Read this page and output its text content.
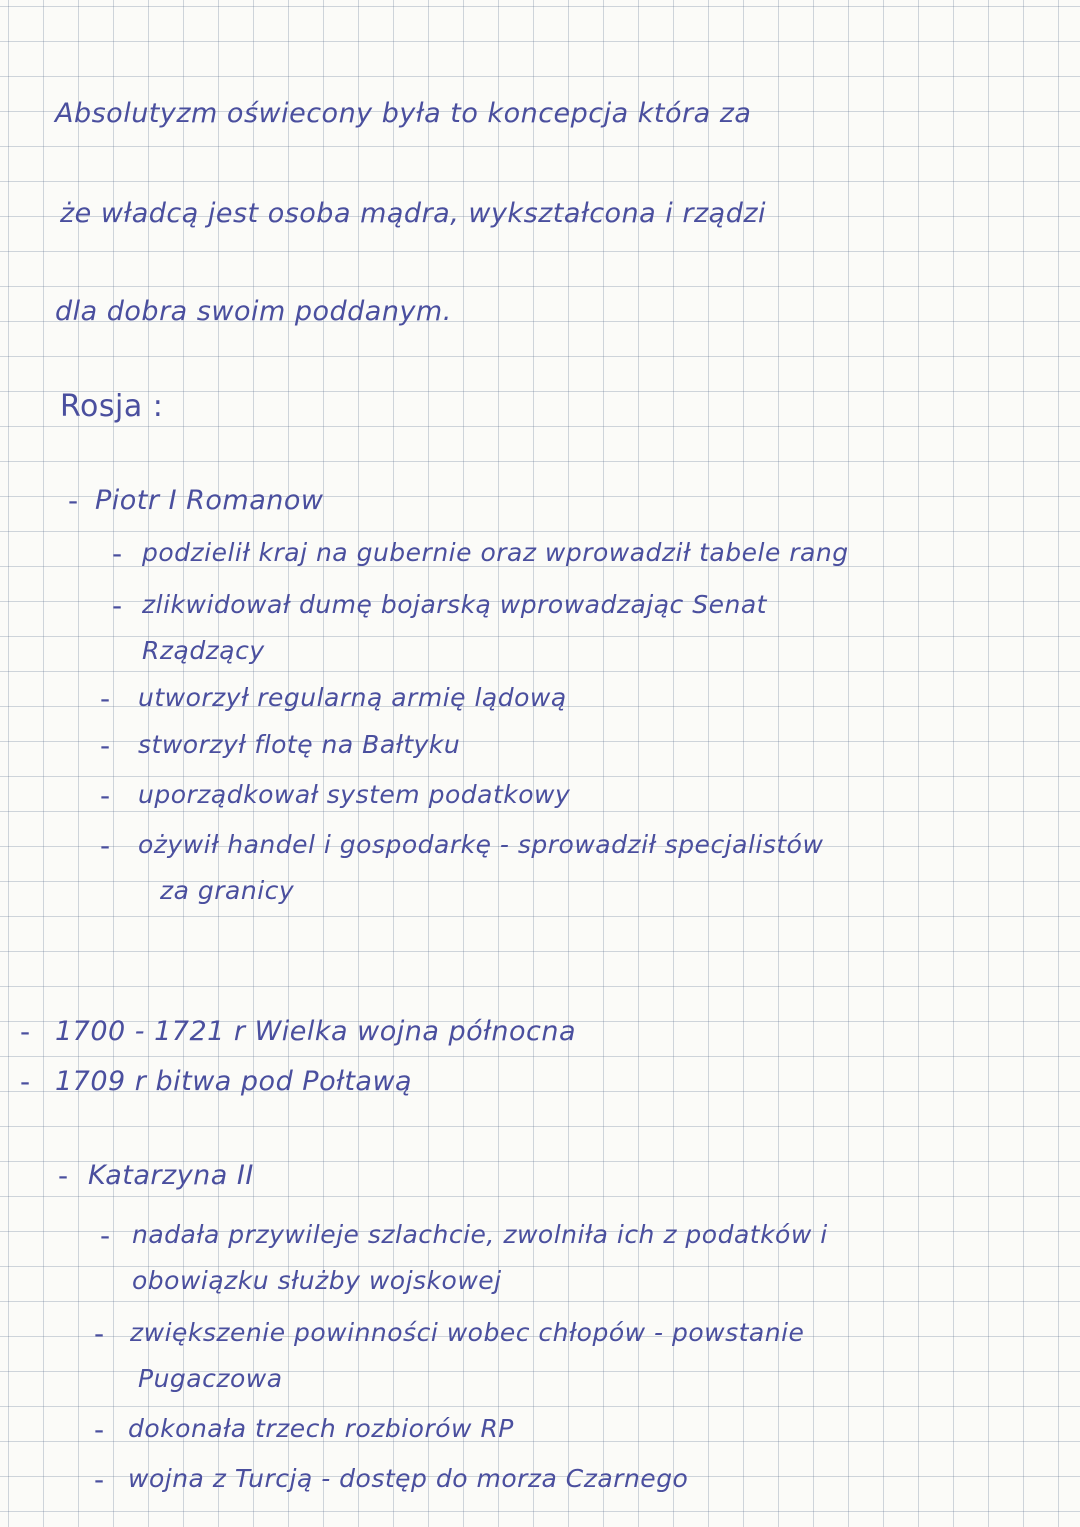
Absolutyzm oświecony była to koncepcja która za
że władcą jest osoba mądra, wykształcona i rządzi
dla dobra swoim poddanym.
Rosja :
- Piotr I Romanow
- podzielił kraj na gubernie oraz wprowadził tabele rang
- zlikwidował dumę bojarską wprowadzając Senat
Rządzący
- utworzył regularną armię lądową
- stworzył flotę na Bałtyku
- uporządkował system podatkowy
- ożywił handel i gospodarkę - sprowadził specjalistów
za granicy
- 1700 - 1721 r Wielka wojna północna
- 1709 r bitwa pod Połtawą
- Katarzyna II
- nadała przywileje szlachcie, zwolniła ich z podatków i
obowiązku służby wojskowej
- zwiększenie powinności wobec chłopów - powstanie
Pugaczowa
- dokonała trzech rozbiorów RP
- wojna z Turcją - dostęp do morza Czarnego
